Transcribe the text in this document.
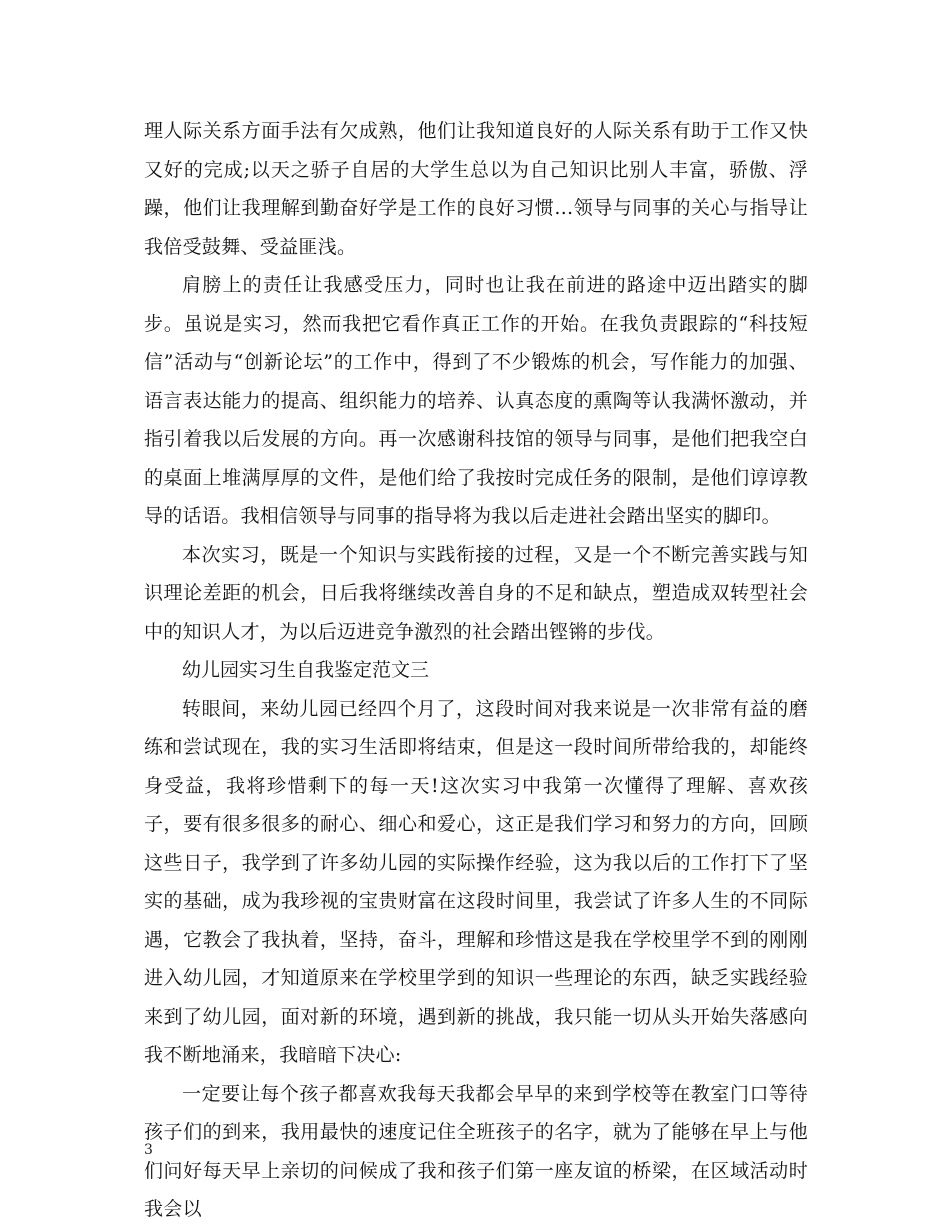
理人际关系方面手法有欠成熟，他们让我知道良好的人际关系有助于工作又快又好的完成;以天之骄子自居的大学生总以为自己知识比别人丰富，骄傲、浮躁，他们让我理解到勤奋好学是工作的良好习惯…领导与同事的关心与指导让我倍受鼓舞、受益匪浅。

肩膀上的责任让我感受压力，同时也让我在前进的路途中迈出踏实的脚步。虽说是实习，然而我把它看作真正工作的开始。在我负责跟踪的“科技短信”活动与“创新论坛”的工作中，得到了不少锻炼的机会，写作能力的加强、语言表达能力的提高、组织能力的培养、认真态度的熏陶等认我满怀激动，并指引着我以后发展的方向。再一次感谢科技馆的领导与同事，是他们把我空白的桌面上堆满厚厚的文件，是他们给了我按时完成任务的限制，是他们谆谆教导的话语。我相信领导与同事的指导将为我以后走进社会踏出坚实的脚印。

本次实习，既是一个知识与实践衔接的过程，又是一个不断完善实践与知识理论差距的机会，日后我将继续改善自身的不足和缺点，塑造成双转型社会中的知识人才，为以后迈进竞争激烈的社会踏出铿锵的步伐。

幼儿园实习生自我鉴定范文三

转眼间，来幼儿园已经四个月了，这段时间对我来说是一次非常有益的磨练和尝试现在，我的实习生活即将结束，但是这一段时间所带给我的，却能终身受益，我将珍惜剩下的每一天!这次实习中我第一次懂得了理解、喜欢孩子，要有很多很多的耐心、细心和爱心，这正是我们学习和努力的方向，回顾这些日子，我学到了许多幼儿园的实际操作经验，这为我以后的工作打下了坚实的基础，成为我珍视的宝贵财富在这段时间里，我尝试了许多人生的不同际遇，它教会了我执着，坚持，奋斗，理解和珍惜这是我在学校里学不到的刚刚进入幼儿园，才知道原来在学校里学到的知识一些理论的东西，缺乏实践经验来到了幼儿园，面对新的环境，遇到新的挑战，我只能一切从头开始失落感向我不断地涌来，我暗暗下决心:

一定要让每个孩子都喜欢我每天我都会早早的来到学校等在教室门口等待孩子们的到来，我用最快的速度记住全班孩子的名字，就为了能够在早上与他们问好每天早上亲切的问候成了我和孩子们第一座友谊的桥梁，在区域活动时我会以

3
